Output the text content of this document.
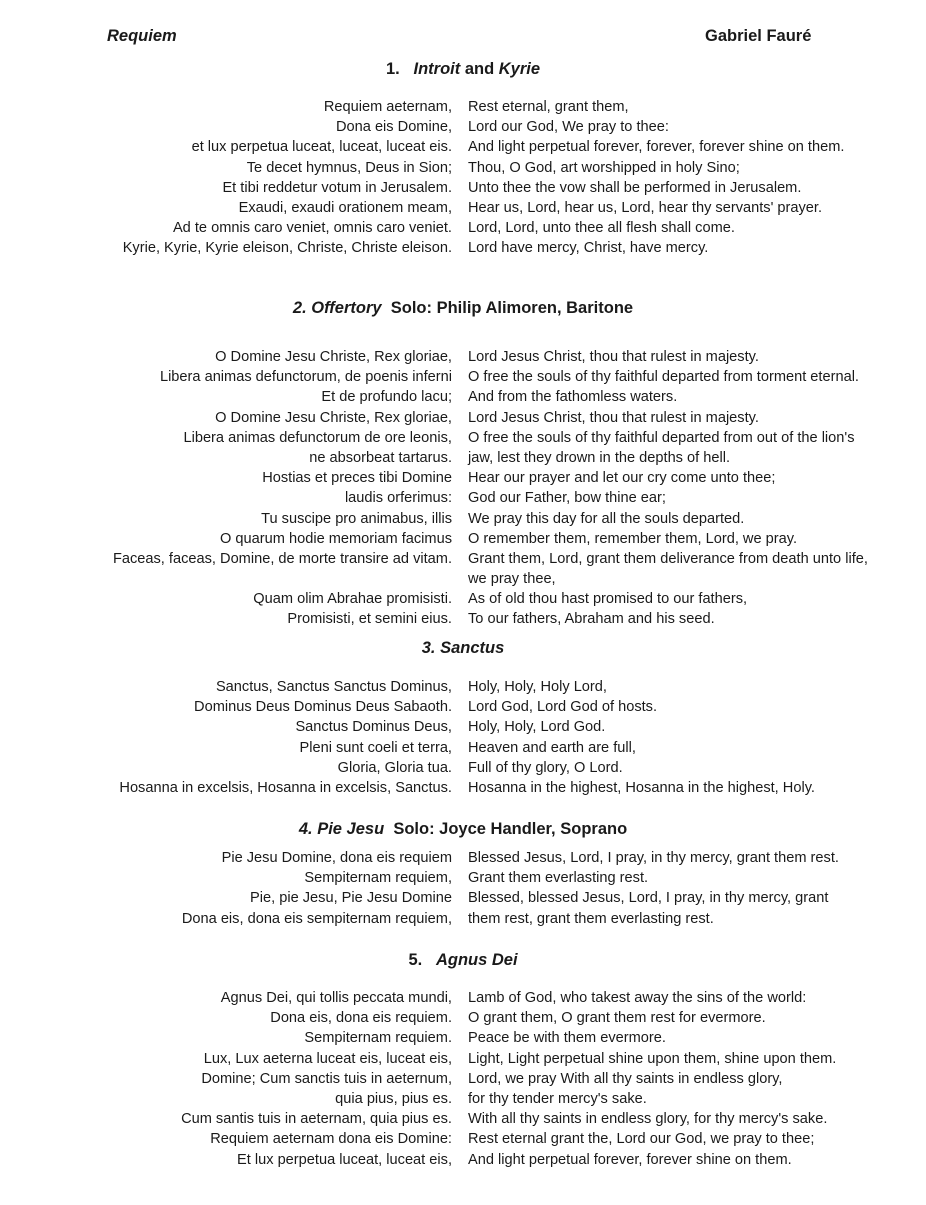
Requiem	Gabriel Fauré
1. Introit and Kyrie
Requiem aeternam, Rest eternal, grant them,
Dona eis Domine, Lord our God, We pray to thee:
et lux perpetua luceat, luceat, luceat eis. And light perpetual forever, forever, forever shine on them.
Te decet hymnus, Deus in Sion; Thou, O God, art worshipped in holy Sino;
Et tibi reddetur votum in Jerusalem. Unto thee the vow shall be performed in Jerusalem.
Exaudi, exaudi orationem meam, Hear us, Lord, hear us, Lord, hear thy servants' prayer.
Ad te omnis caro veniet, omnis caro veniet. Lord, Lord, unto thee all flesh shall come.
Kyrie, Kyrie, Kyrie eleison, Christe, Christe eleison. Lord have mercy, Christ, have mercy.
2. Offertory Solo: Philip Alimoren, Baritone
O Domine Jesu Christe, Rex gloriae, Lord Jesus Christ, thou that rulest in majesty.
Libera animas defunctorum, de poenis inferni O free the souls of thy faithful departed from torment eternal.
Et de profundo lacu; And from the fathomless waters.
O Domine Jesu Christe, Rex gloriae, Lord Jesus Christ, thou that rulest in majesty.
Libera animas defunctorum de ore leonis, O free the souls of thy faithful departed from out of the lion's
ne absorbeat tartarus. jaw, lest they drown in the depths of hell.
Hostias et preces tibi Domine Hear our prayer and let our cry come unto thee;
laudis orferimus: God our Father, bow thine ear;
Tu suscipe pro animabus, illis We pray this day for all the souls departed.
O quarum hodie memoriam facimus O remember them, remember them, Lord, we pray.
Faceas, faceas, Domine, de morte transire ad vitam. Grant them, Lord, grant them deliverance from death unto life,
we pray thee,
Quam olim Abrahae promisisti. As of old thou hast promised to our fathers,
Promisisti, et semini eius. To our fathers, Abraham and his seed.
3. Sanctus
Sanctus, Sanctus Sanctus Dominus, Holy, Holy, Holy Lord,
Dominus Deus Dominus Deus Sabaoth. Lord God, Lord God of hosts.
Sanctus Dominus Deus, Holy, Holy, Lord God.
Pleni sunt coeli et terra, Heaven and earth are full,
Gloria, Gloria tua. Full of thy glory, O Lord.
Hosanna in excelsis, Hosanna in excelsis, Sanctus. Hosanna in the highest, Hosanna in the highest, Holy.
4. Pie Jesu Solo: Joyce Handler, Soprano
Pie Jesu Domine, dona eis requiem Blessed Jesus, Lord, I pray, in thy mercy, grant them rest.
Sempiternam requiem, Grant them everlasting rest.
Pie, pie Jesu, Pie Jesu Domine Blessed, blessed Jesus, Lord, I pray, in thy mercy, grant
Dona eis, dona eis sempiternam requiem, them rest, grant them everlasting rest.
5. Agnus Dei
Agnus Dei, qui tollis peccata mundi, Lamb of God, who takest away the sins of the world:
Dona eis, dona eis requiem. O grant them, O grant them rest for evermore.
Sempiternam requiem. Peace be with them evermore.
Lux, Lux aeterna luceat eis, luceat eis, Light, Light perpetual shine upon them, shine upon them.
Domine; Cum sanctis tuis in aeternum, Lord, we pray With all thy saints in endless glory,
quia pius, pius es. for thy tender mercy's sake.
Cum santis tuis in aeternam, quia pius es. With all thy saints in endless glory, for thy mercy's sake.
Requiem aeternam dona eis Domine: Rest eternal grant the, Lord our God, we pray to thee;
Et lux perpetua luceat, luceat eis, And light perpetual forever, forever shine on them.
